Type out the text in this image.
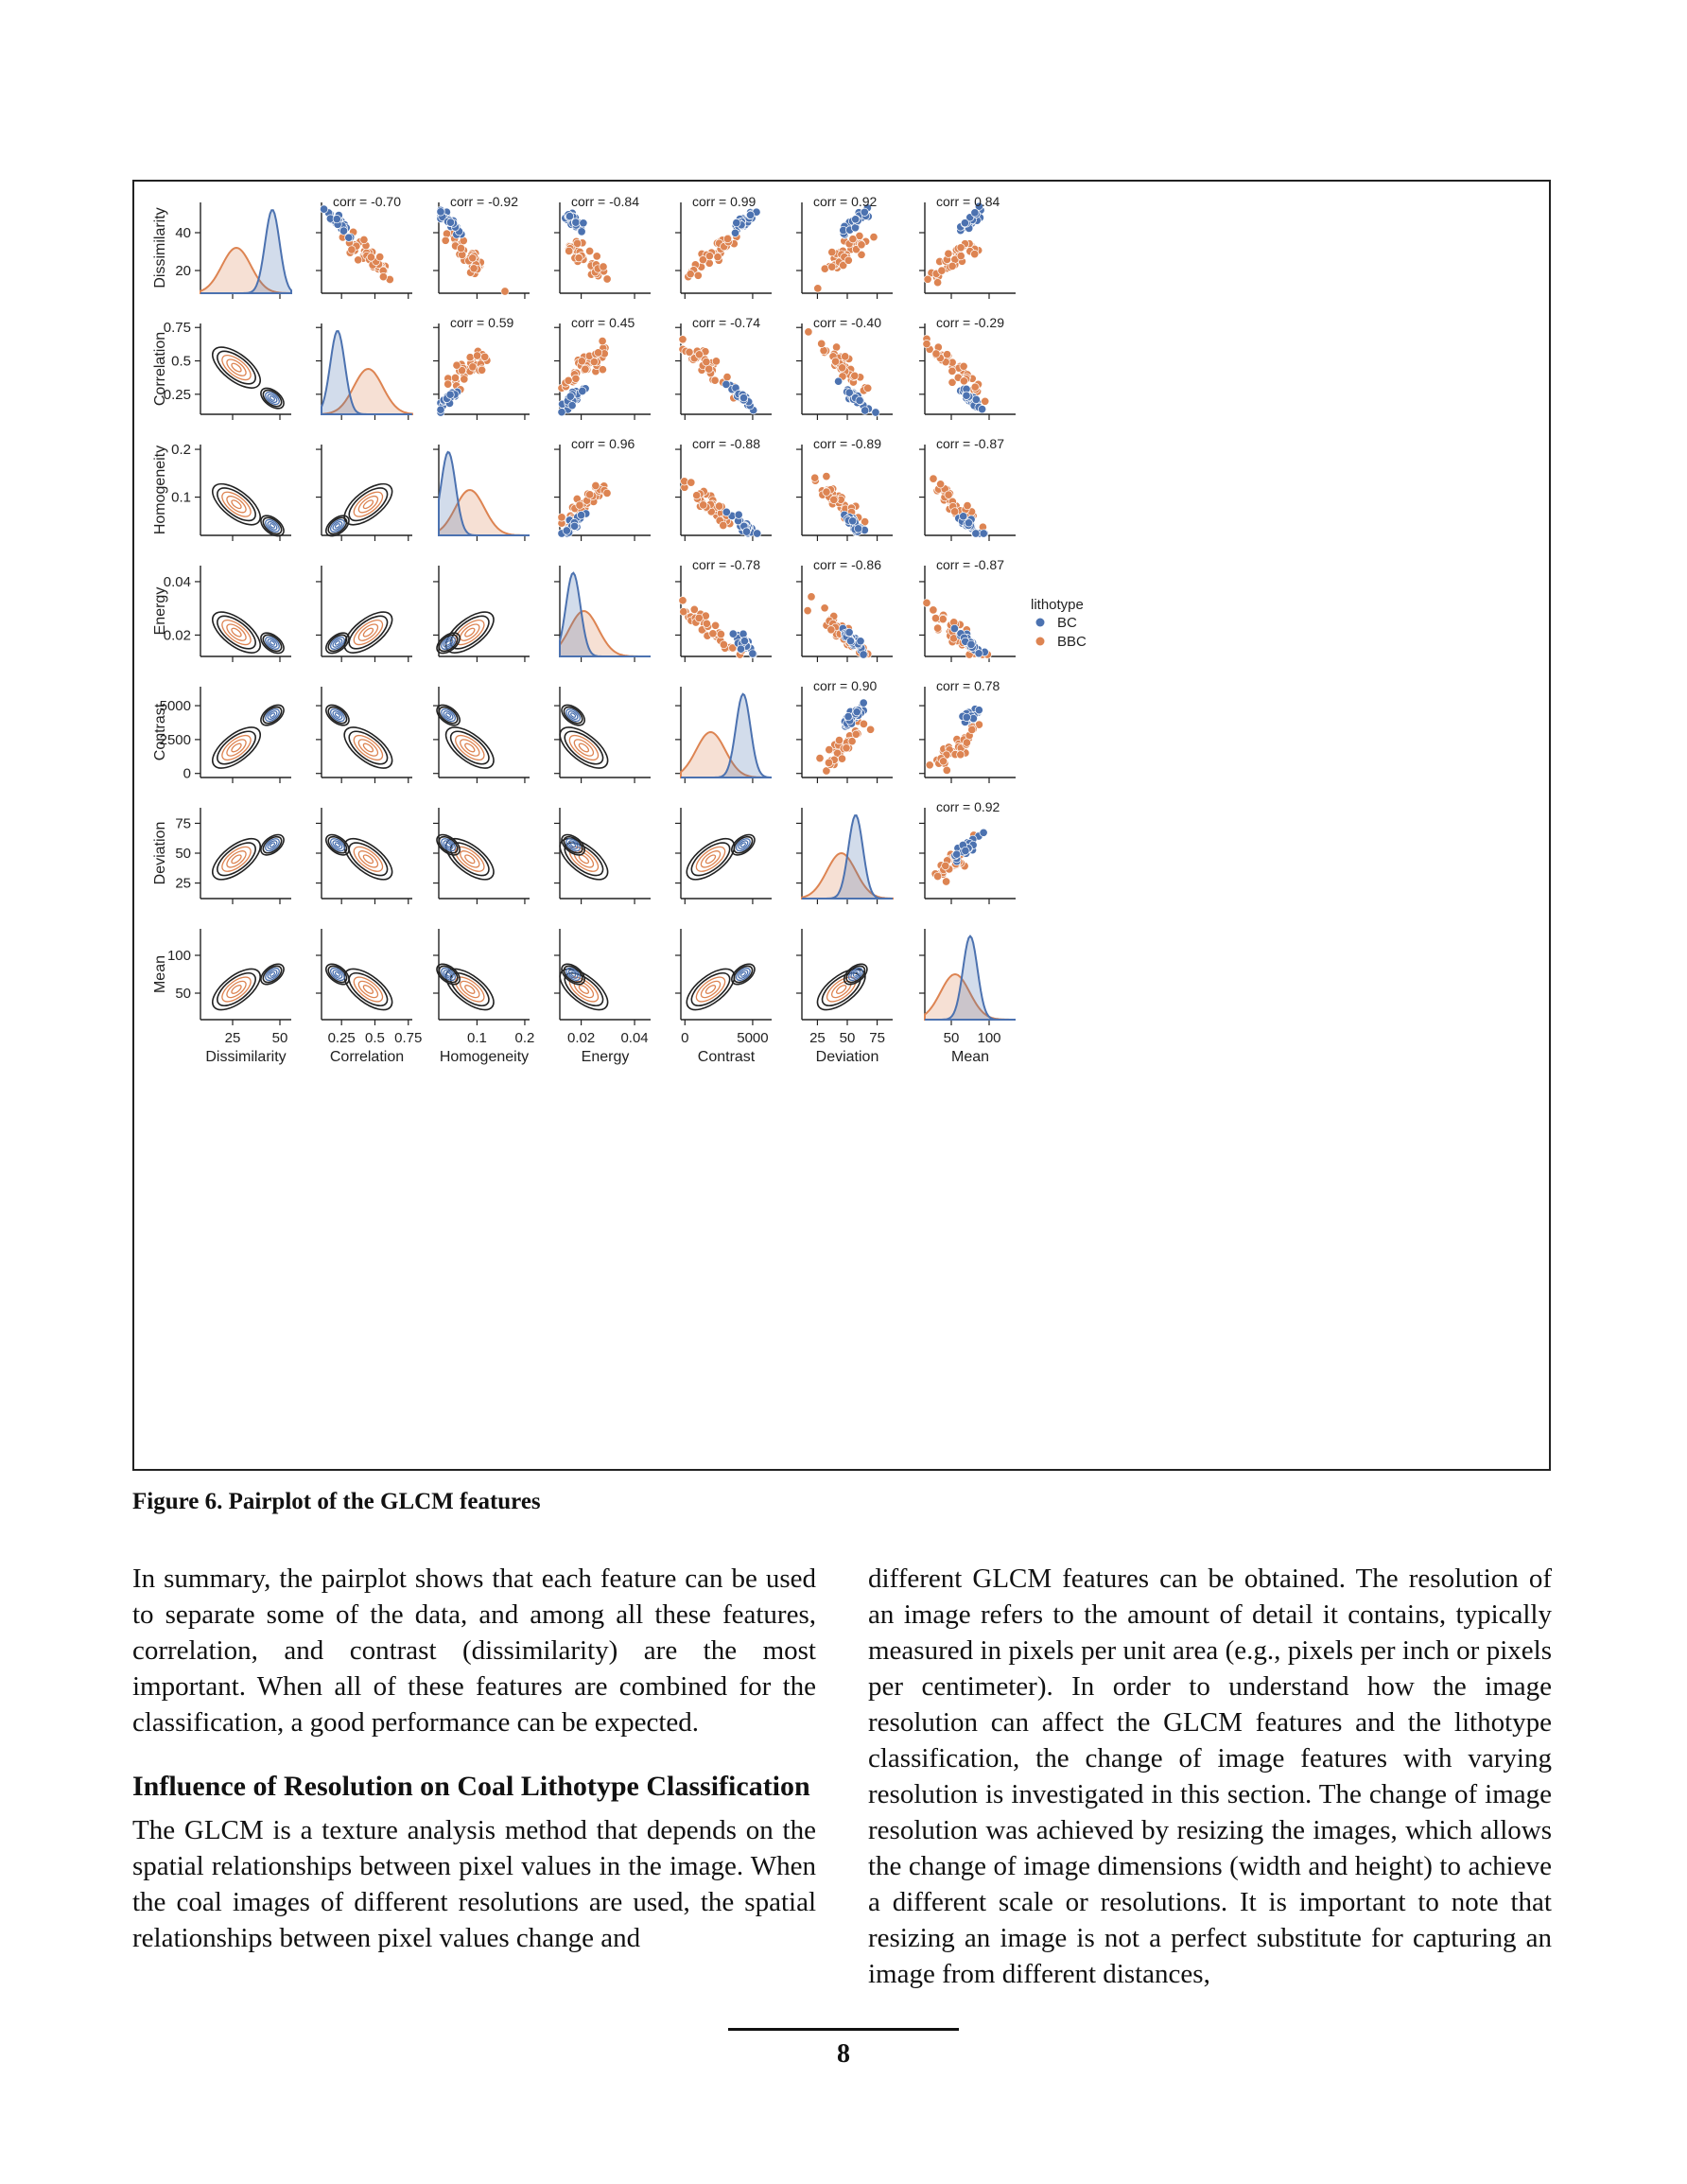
20
40
Dissimilarity
0.25
0.5
0.75
Correlation
0.1
0.2
Homogeneity
0.02
0.04
Energy
0
2500
5000
Contrast
25
50
75
Deviation
50
100
Mean
25 50
Dissimilarity
0.25 0.5 0.75
Correlation
0.1 0.2
Homogeneity
0.02 0.04
Energy
0	5000
Contrast
25 50 75
Deviation
50 100
Mean
corr = -0.70	corr = -0.92	corr = -0.84	corr = 0.99	corr = 0.92	corr = 0.84
corr = 0.59	corr = 0.45	corr = -0.74	corr = -0.40	corr = -0.29
corr = 0.96	corr = -0.88	corr = -0.89	corr = -0.87
corr = -0.78	corr = -0.86	corr = -0.87
corr = 0.90	corr = 0.78
corr = 0.92
lithotype
BC
BBC
Figure 6. Pairplot of the GLCM features

In summary, the pairplot shows that each feature can be used to separate some of the data, and among all these features, correlation, and contrast (dissimilarity) are the most important. When all of these features are combined for the classification, a good performance can be expected.

Influence of Resolution on Coal Lithotype Classification

The GLCM is a texture analysis method that depends on the spatial relationships between pixel values in the image. When the coal images of different resolutions are used, the spatial relationships between pixel values change and

different GLCM features can be obtained. The resolution of an image refers to the amount of detail it contains, typically measured in pixels per unit area (e.g., pixels per inch or pixels per centimeter). In order to understand how the image resolution can affect the GLCM features and the lithotype classification, the change of image features with varying resolution is investigated in this section. The change of image resolution was achieved by resizing the images, which allows the change of image dimensions (width and height) to achieve a different scale or resolutions. It is important to note that resizing an image is not a perfect substitute for capturing an image from different distances,

8
